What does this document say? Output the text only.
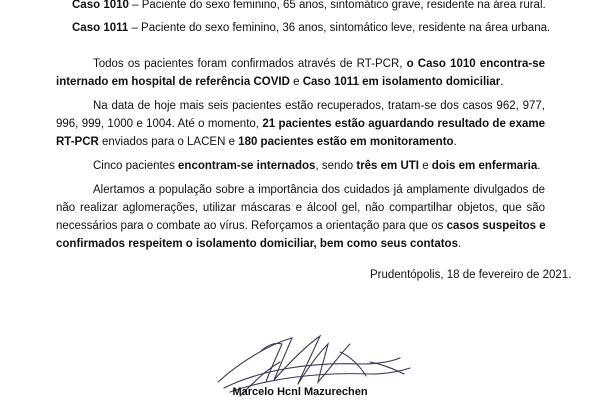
Caso 1010 – Paciente do sexo feminino, 65 anos, sintomático grave, residente na área rural.
Caso 1011 – Paciente do sexo feminino, 36 anos, sintomático leve, residente na área urbana.
Todos os pacientes foram confirmados através de RT-PCR, o Caso 1010 encontra-se
internado em hospital de referência COVID e Caso 1011 em isolamento domiciliar.
Na data de hoje mais seis pacientes estão recuperados, tratam-se dos casos 962, 977,
996, 999, 1000 e 1004. Até o momento, 21 pacientes estão aguardando resultado de exame
RT-PCR enviados para o LACEN e 180 pacientes estão em monitoramento.
Cinco pacientes encontram-se internados, sendo três em UTI e dois em enfermaria.
Alertamos a população sobre a importância dos cuidados já amplamente divulgados de
não realizar aglomerações, utilizar máscaras e álcool gel, não compartilhar objetos, que são
necessários para o combate ao vírus. Reforçamos a orientação para que os casos suspeitos e
confirmados respeitem o isolamento domiciliar, bem como seus contatos.
Prudentópolis, 18 de fevereiro de 2021.
Marcelo Hcnl Mazurechen
